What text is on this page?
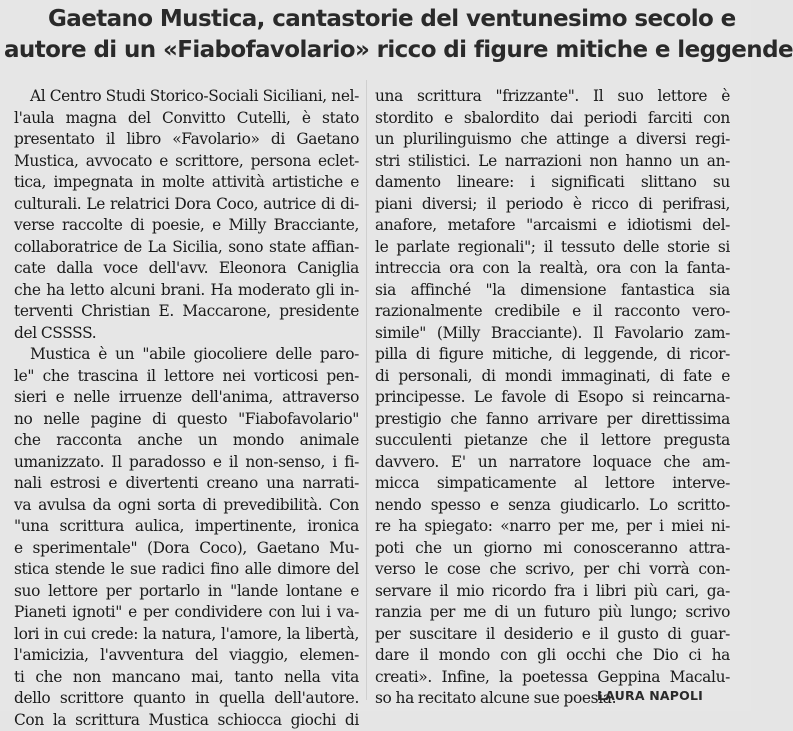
Gaetano Mustica, cantastorie del ventunesimo secolo e
autore di un «Fiabofavolario» ricco di figure mitiche e leggende
Al Centro Studi Storico-Sociali Siciliani, nel-
l'aula magna del Convitto Cutelli, è stato
presentato il libro «Favolario» di Gaetano
Mustica, avvocato e scrittore, persona eclet-
tica, impegnata in molte attività artistiche e
culturali. Le relatrici Dora Coco, autrice di di-
verse raccolte di poesie, e Milly Bracciante,
collaboratrice de La Sicilia, sono state affian-
cate dalla voce dell'avv. Eleonora Caniglia
che ha letto alcuni brani. Ha moderato gli in-
terventi Christian E. Maccarone, presidente
del CSSSS.
Mustica è un "abile giocoliere delle paro-
le" che trascina il lettore nei vorticosi pen-
sieri e nelle irruenze dell'anima, attraverso
no nelle pagine di questo "Fiabofavolario"
che racconta anche un mondo animale
umanizzato. Il paradosso e il non-senso, i fi-
nali estrosi e divertenti creano una narrati-
va avulsa da ogni sorta di prevedibilità. Con
"una scrittura aulica, impertinente, ironica
e sperimentale" (Dora Coco), Gaetano Mu-
stica stende le sue radici fino alle dimore del
suo lettore per portarlo in "lande lontane e
Pianeti ignoti" e per condividere con lui i va-
lori in cui crede: la natura, l'amore, la libertà,
l'amicizia, l'avventura del viaggio, elemen-
ti che non mancano mai, tanto nella vita
dello scrittore quanto in quella dell'autore.
Con la scrittura Mustica schiocca giochi di
una scrittura "frizzante". Il suo lettore è
stordito e sbalordito dai periodi farciti con
un plurilinguismo che attinge a diversi regi-
stri stilistici. Le narrazioni non hanno un an-
damento lineare: i significati slittano su
piani diversi; il periodo è ricco di perifrasi,
anafore, metafore "arcaismi e idiotismi del-
le parlate regionali"; il tessuto delle storie si
intreccia ora con la realtà, ora con la fanta-
sia affinché "la dimensione fantastica sia
razionalmente credibile e il racconto vero-
simile" (Milly Bracciante). Il Favolario zam-
pilla di figure mitiche, di leggende, di ricor-
di personali, di mondi immaginati, di fate e
principesse. Le favole di Esopo si reincarna-
prestigio che fanno arrivare per direttissima
succulenti pietanze che il lettore pregusta
davvero. E' un narratore loquace che am-
micca simpaticamente al lettore interve-
nendo spesso e senza giudicarlo. Lo scritto-
re ha spiegato: «narro per me, per i miei ni-
poti che un giorno mi conosceranno attra-
verso le cose che scrivo, per chi vorrà con-
servare il mio ricordo fra i libri più cari, ga-
ranzia per me di un futuro più lungo; scrivo
per suscitare il desiderio e il gusto di guar-
dare il mondo con gli occhi che Dio ci ha
creati». Infine, la poetessa Geppina Macalu-
so ha recitato alcune sue poesia.
LAURA NAPOLI
